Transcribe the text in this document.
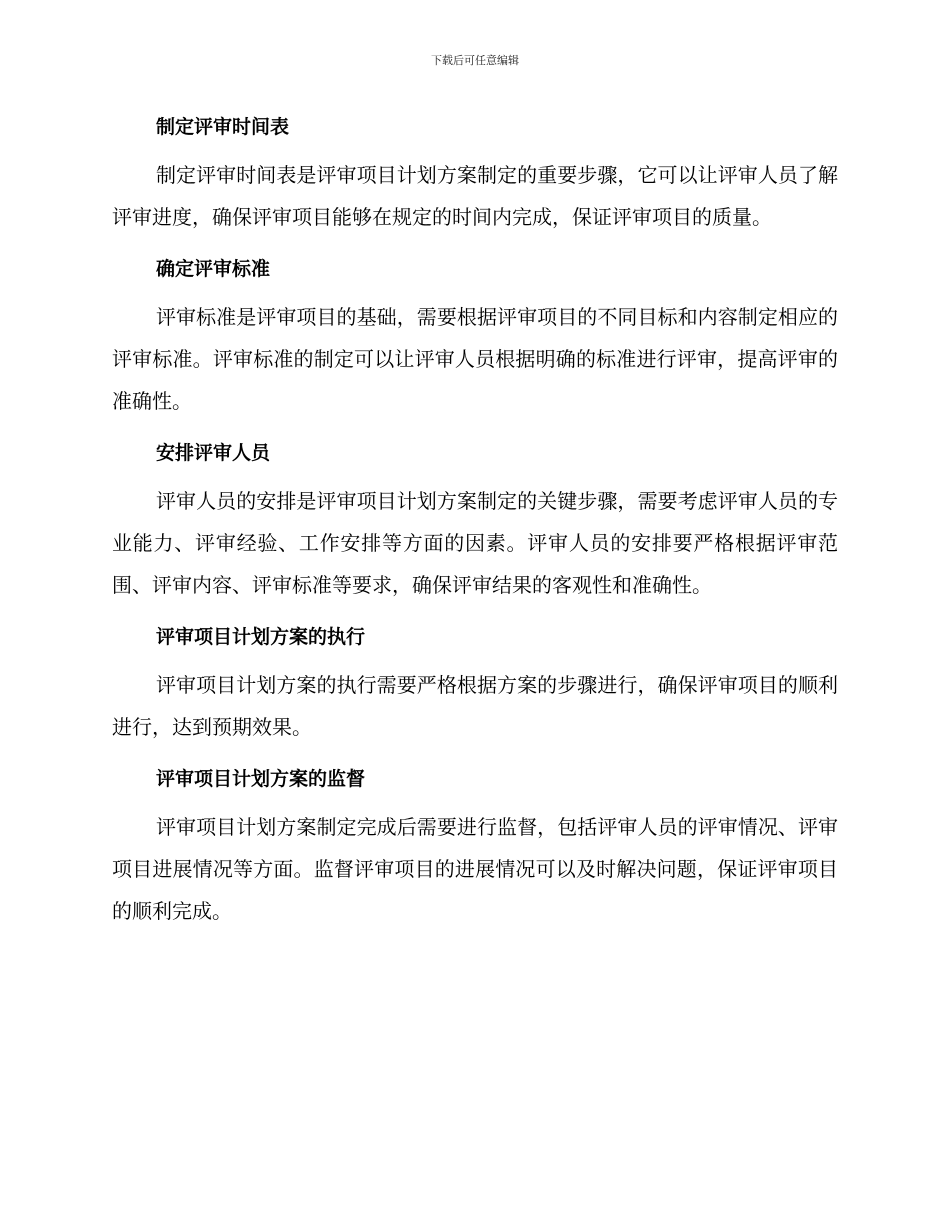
下载后可任意编辑
制定评审时间表

制定评审时间表是评审项目计划方案制定的重要步骤，它可以让评审人员了解评审进度，确保评审项目能够在规定的时间内完成，保证评审项目的质量。

确定评审标准

评审标准是评审项目的基础，需要根据评审项目的不同目标和内容制定相应的评审标准。评审标准的制定可以让评审人员根据明确的标准进行评审，提高评审的准确性。

安排评审人员

评审人员的安排是评审项目计划方案制定的关键步骤，需要考虑评审人员的专业能力、评审经验、工作安排等方面的因素。评审人员的安排要严格根据评审范围、评审内容、评审标准等要求，确保评审结果的客观性和准确性。

评审项目计划方案的执行

评审项目计划方案的执行需要严格根据方案的步骤进行，确保评审项目的顺利进行，达到预期效果。

评审项目计划方案的监督

评审项目计划方案制定完成后需要进行监督，包括评审人员的评审情况、评审项目进展情况等方面。监督评审项目的进展情况可以及时解决问题，保证评审项目的顺利完成。
